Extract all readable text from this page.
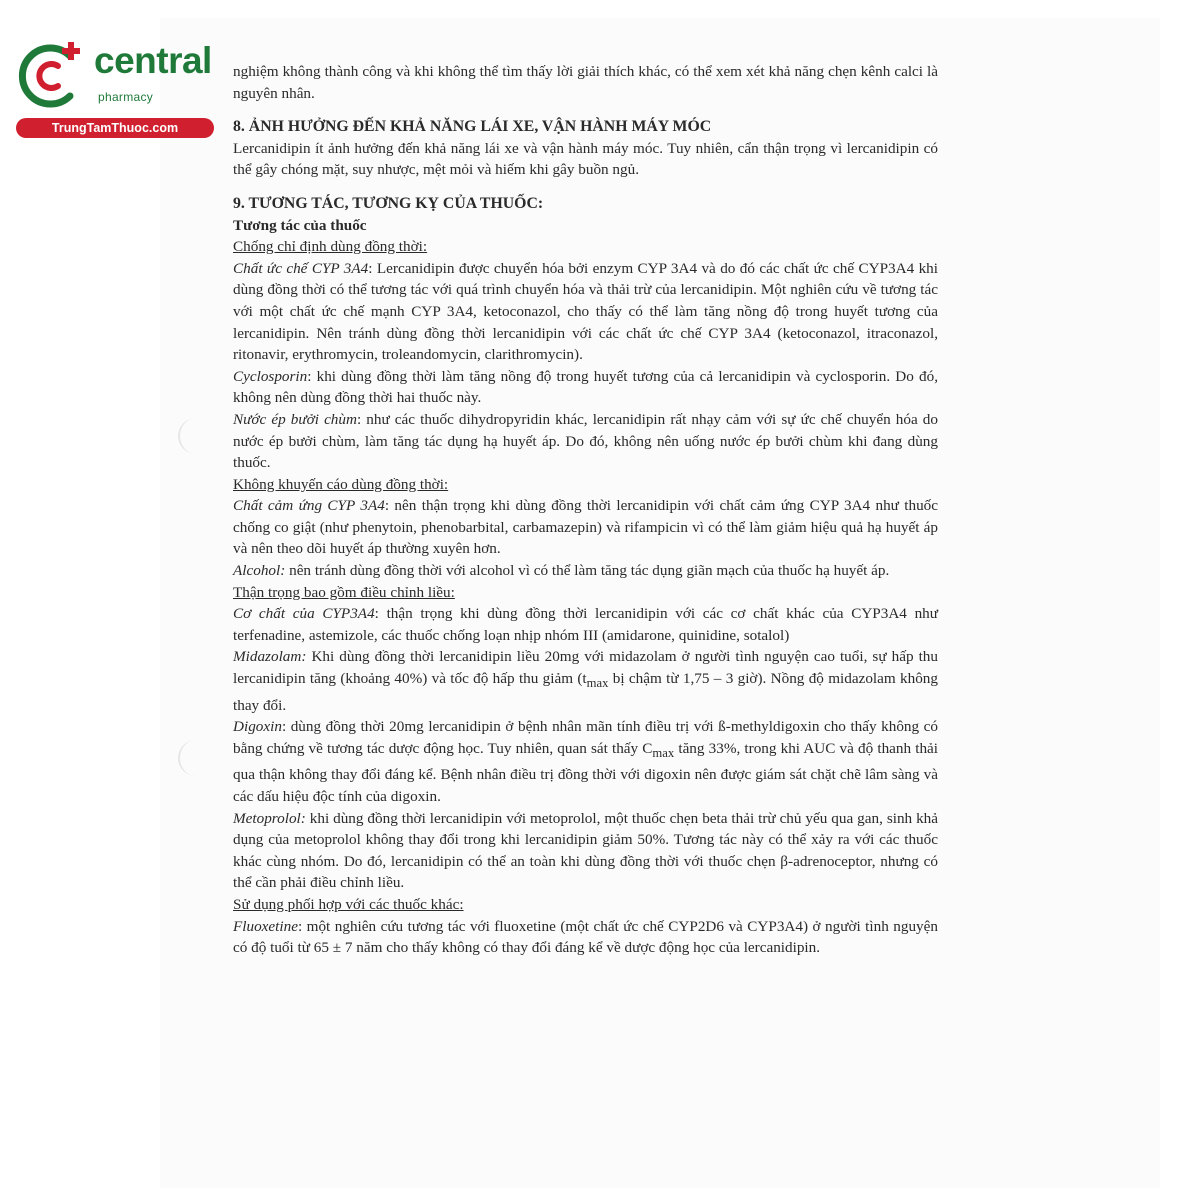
central
pharmacy
TrungTamThuoc.com

nghiệm không thành công và khi không thể tìm thấy lời giải thích khác, có thể xem xét khả năng chẹn kênh calci là nguyên nhân.

8. ẢNH HƯỞNG ĐẾN KHẢ NĂNG LÁI XE, VẬN HÀNH MÁY MÓC

Lercanidipin ít ảnh hưởng đến khả năng lái xe và vận hành máy móc. Tuy nhiên, cẩn thận trọng vì lercanidipin có thể gây chóng mặt, suy nhược, mệt mỏi và hiếm khi gây buồn ngủ.

9. TƯƠNG TÁC, TƯƠNG KỴ CỦA THUỐC:

Tương tác của thuốc

Chống chỉ định dùng đồng thời:

Chất ức chế CYP 3A4: Lercanidipin được chuyển hóa bởi enzym CYP 3A4 và do đó các chất ức chế CYP3A4 khi dùng đồng thời có thể tương tác với quá trình chuyển hóa và thải trừ của lercanidipin. Một nghiên cứu về tương tác với một chất ức chế mạnh CYP 3A4, ketoconazol, cho thấy có thể làm tăng nồng độ trong huyết tương của lercanidipin. Nên tránh dùng đồng thời lercanidipin với các chất ức chế CYP 3A4 (ketoconazol, itraconazol, ritonavir, erythromycin, troleandomycin, clarithromycin).

Cyclosporin: khi dùng đồng thời làm tăng nồng độ trong huyết tương của cả lercanidipin và cyclosporin. Do đó, không nên dùng đồng thời hai thuốc này.

Nước ép bưởi chùm: như các thuốc dihydropyridin khác, lercanidipin rất nhạy cảm với sự ức chế chuyển hóa do nước ép bưởi chùm, làm tăng tác dụng hạ huyết áp. Do đó, không nên uống nước ép bưởi chùm khi đang dùng thuốc.

Không khuyến cáo dùng đồng thời:

Chất cảm ứng CYP 3A4: nên thận trọng khi dùng đồng thời lercanidipin với chất cảm ứng CYP 3A4 như thuốc chống co giật (như phenytoin, phenobarbital, carbamazepin) và rifampicin vì có thể làm giảm hiệu quả hạ huyết áp và nên theo dõi huyết áp thường xuyên hơn.

Alcohol: nên tránh dùng đồng thời với alcohol vì có thể làm tăng tác dụng giãn mạch của thuốc hạ huyết áp.

Thận trọng bao gồm điều chỉnh liều:

Cơ chất của CYP3A4: thận trọng khi dùng đồng thời lercanidipin với các cơ chất khác của CYP3A4 như terfenadine, astemizole, các thuốc chống loạn nhịp nhóm III (amidarone, quinidine, sotalol)

Midazolam: Khi dùng đồng thời lercanidipin liều 20mg với midazolam ở người tình nguyện cao tuổi, sự hấp thu lercanidipin tăng (khoảng 40%) và tốc độ hấp thu giảm ($t_{max}$ bị chậm từ 1,75 – 3 giờ). Nồng độ midazolam không thay đổi.

Digoxin: dùng đồng thời 20mg lercanidipin ở bệnh nhân mãn tính điều trị với ß-methyldigoxin cho thấy không có bằng chứng về tương tác dược động học. Tuy nhiên, quan sát thấy $C_{max}$ tăng 33%, trong khi AUC và độ thanh thải qua thận không thay đổi đáng kể. Bệnh nhân điều trị đồng thời với digoxin nên được giám sát chặt chẽ lâm sàng và các dấu hiệu độc tính của digoxin.

Metoprolol: khi dùng đồng thời lercanidipin với metoprolol, một thuốc chẹn beta thải trừ chủ yếu qua gan, sinh khả dụng của metoprolol không thay đổi trong khi lercanidipin giảm 50%. Tương tác này có thể xảy ra với các thuốc khác cùng nhóm. Do đó, lercanidipin có thể an toàn khi dùng đồng thời với thuốc chẹn β-adrenoceptor, nhưng có thể cần phải điều chỉnh liều.

Sử dụng phối hợp với các thuốc khác:

Fluoxetine: một nghiên cứu tương tác với fluoxetine (một chất ức chế CYP2D6 và CYP3A4) ở người tình nguyện có độ tuổi từ 65 ± 7 năm cho thấy không có thay đổi đáng kể về dược động học của lercanidipin.
